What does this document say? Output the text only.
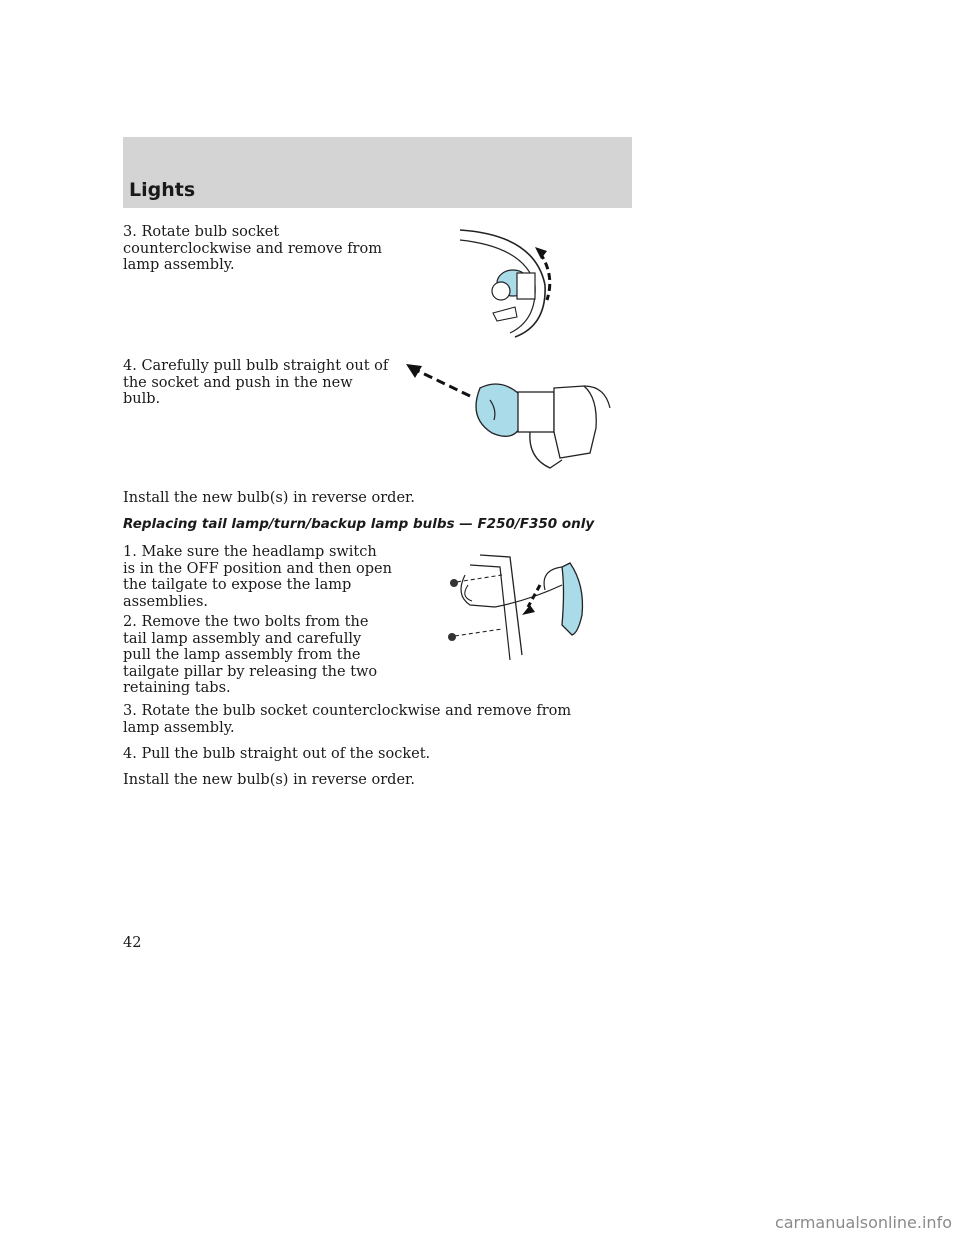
Lights

3. Rotate bulb socket counterclockwise and remove from lamp assembly.

4. Carefully pull bulb straight out of the socket and push in the new bulb.

Install the new bulb(s) in reverse order.

Replacing tail lamp/turn/backup lamp bulbs — F250/F350 only

1. Make sure the headlamp switch is in the OFF position and then open the tailgate to expose the lamp assemblies.

2. Remove the two bolts from the tail lamp assembly and carefully pull the lamp assembly from the tailgate pillar by releasing the two retaining tabs.

3. Rotate the bulb socket counterclockwise and remove from lamp assembly.

4. Pull the bulb straight out of the socket.

Install the new bulb(s) in reverse order.

42
carmanualsonline.info
